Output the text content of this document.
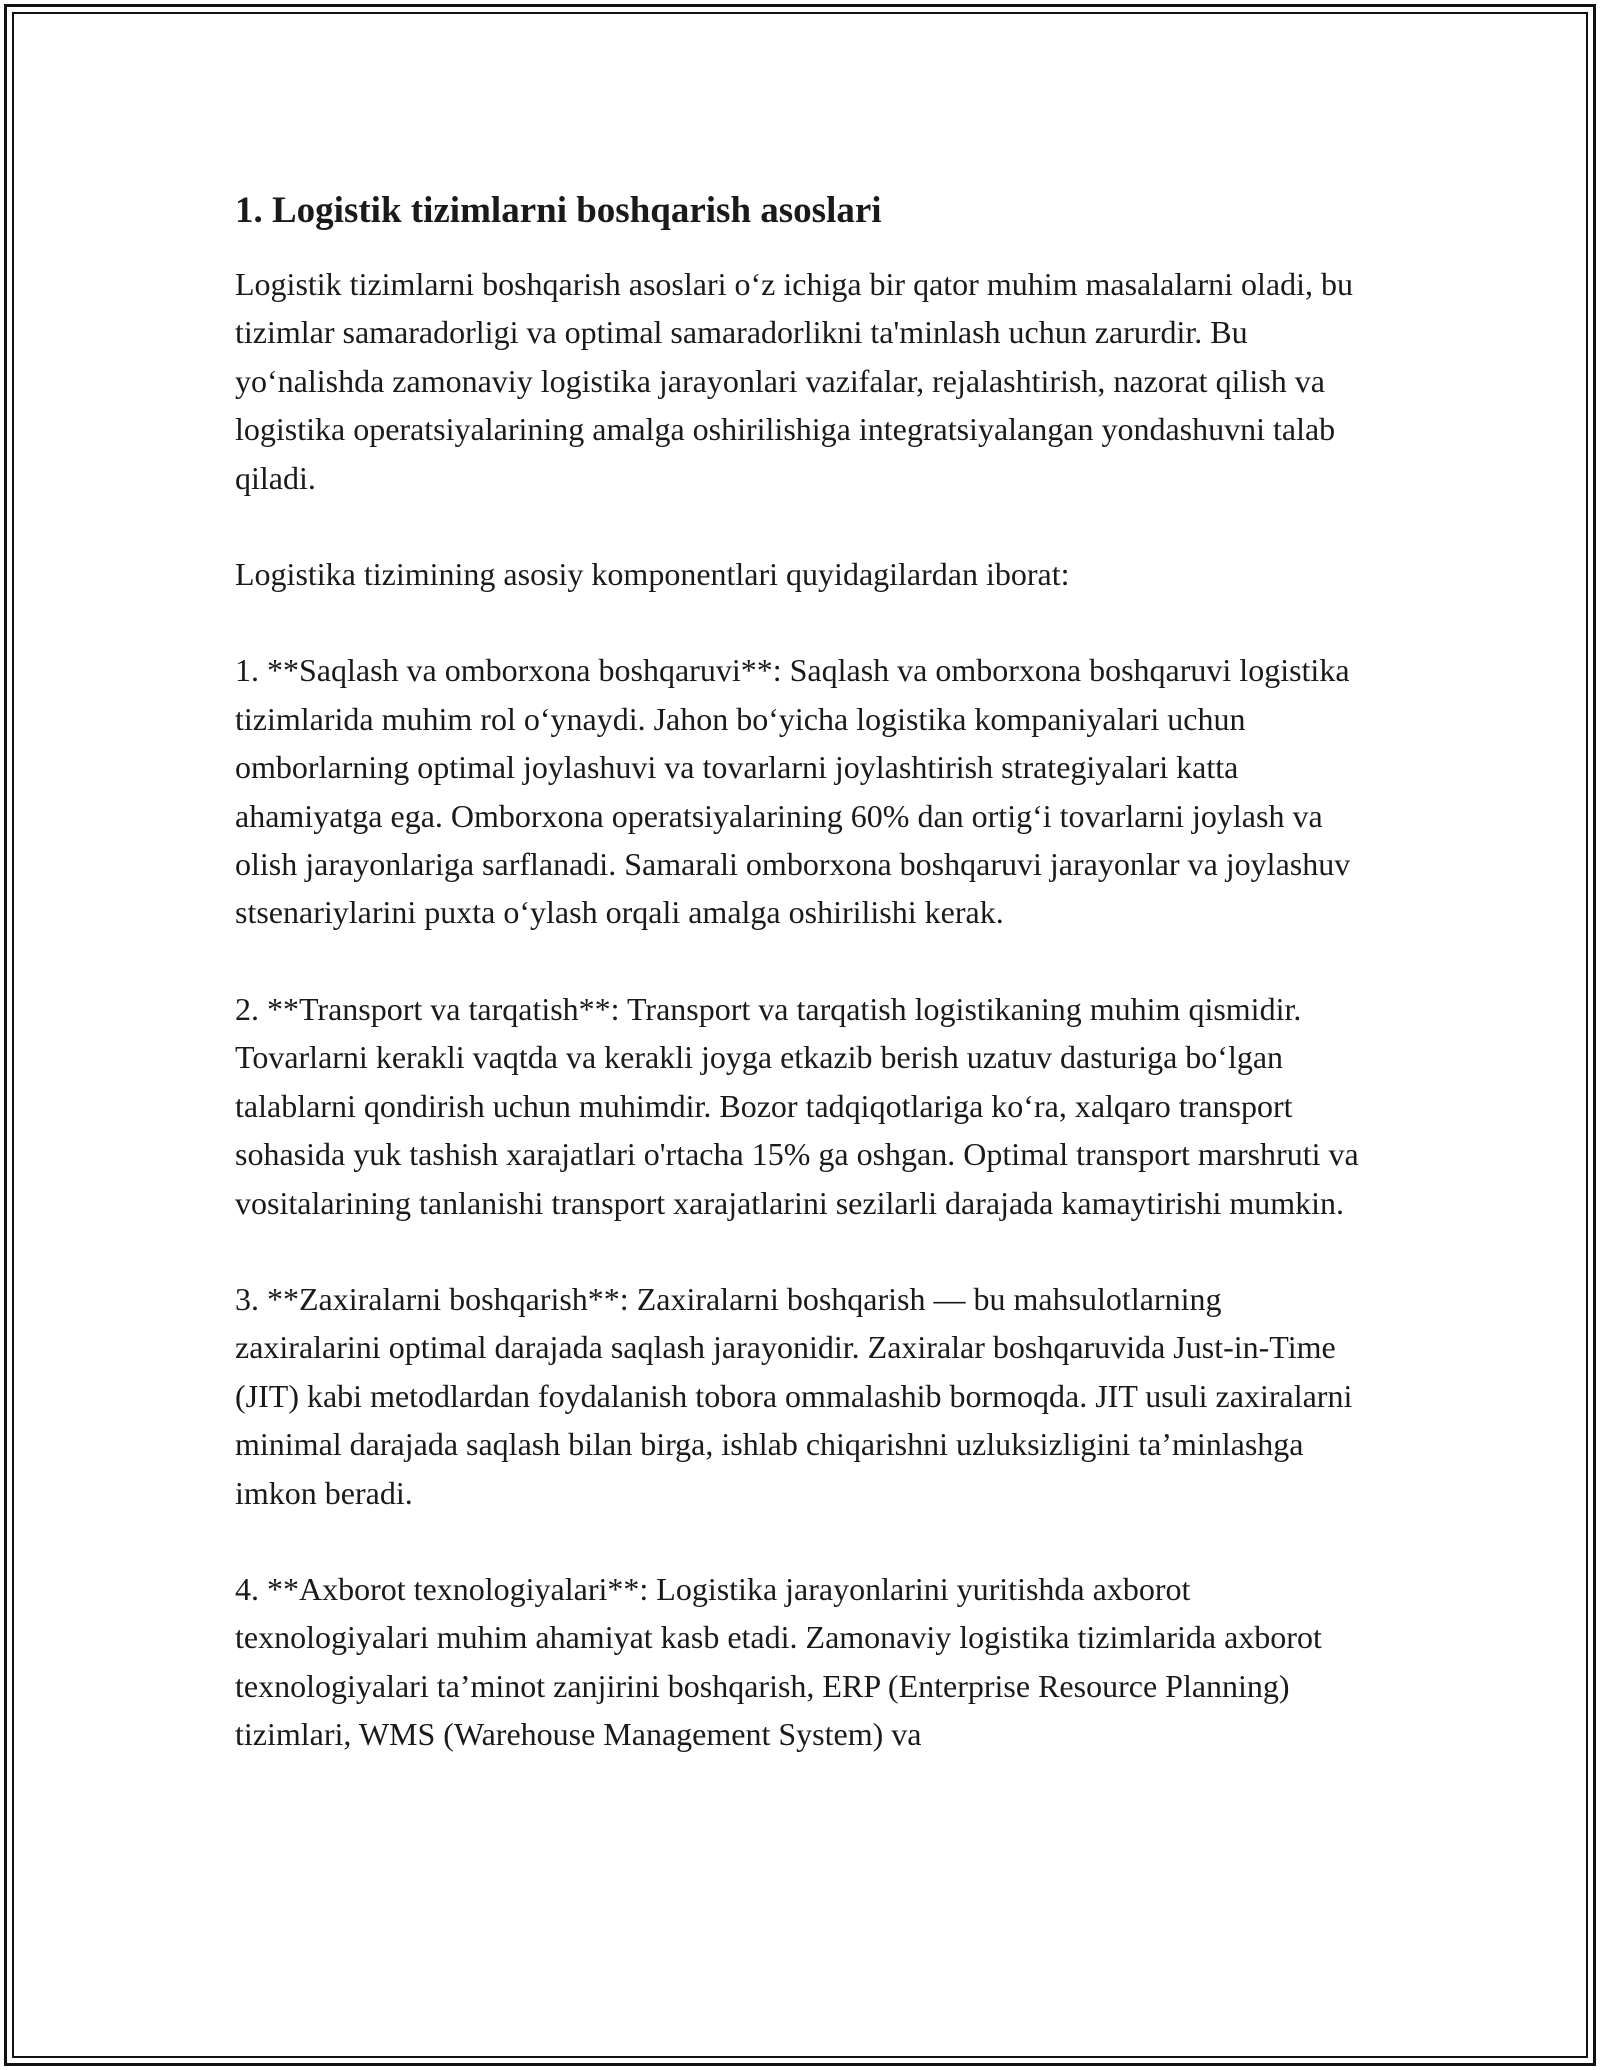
1. Logistik tizimlarni boshqarish asoslari

Logistik tizimlarni boshqarish asoslari o‘z ichiga bir qator muhim masalalarni oladi, bu tizimlar samaradorligi va optimal samaradorlikni ta'minlash uchun zarurdir. Bu yo‘nalishda zamonaviy logistika jarayonlari vazifalar, rejalashtirish, nazorat qilish va logistika operatsiyalarining amalga oshirilishiga integratsiyalangan yondashuvni talab qiladi.

Logistika tizimining asosiy komponentlari quyidagilardan iborat:

1. **Saqlash va omborxona boshqaruvi**: Saqlash va omborxona boshqaruvi logistika tizimlarida muhim rol o‘ynaydi. Jahon bo‘yicha logistika kompaniyalari uchun omborlarning optimal joylashuvi va tovarlarni joylashtirish strategiyalari katta ahamiyatga ega. Omborxona operatsiyalarining 60% dan ortig‘i tovarlarni joylash va olish jarayonlariga sarflanadi. Samarali omborxona boshqaruvi jarayonlar va joylashuv stsenariylarini puxta o‘ylash orqali amalga oshirilishi kerak.

2. **Transport va tarqatish**: Transport va tarqatish logistikaning muhim qismidir. Tovarlarni kerakli vaqtda va kerakli joyga etkazib berish uzatuv dasturiga bo‘lgan talablarni qondirish uchun muhimdir. Bozor tadqiqotlariga ko‘ra, xalqaro transport sohasida yuk tashish xarajatlari o'rtacha 15% ga oshgan. Optimal transport marshruti va vositalarining tanlanishi transport xarajatlarini sezilarli darajada kamaytirishi mumkin.

3. **Zaxiralarni boshqarish**: Zaxiralarni boshqarish — bu mahsulotlarning zaxiralarini optimal darajada saqlash jarayonidir. Zaxiralar boshqaruvida Just-in-Time (JIT) kabi metodlardan foydalanish tobora ommalashib bormoqda. JIT usuli zaxiralarni minimal darajada saqlash bilan birga, ishlab chiqarishni uzluksizligini ta’minlashga imkon beradi.

4. **Axborot texnologiyalari**: Logistika jarayonlarini yuritishda axborot texnologiyalari muhim ahamiyat kasb etadi. Zamonaviy logistika tizimlarida axborot texnologiyalari ta’minot zanjirini boshqarish, ERP (Enterprise Resource Planning) tizimlari, WMS (Warehouse Management System) va
